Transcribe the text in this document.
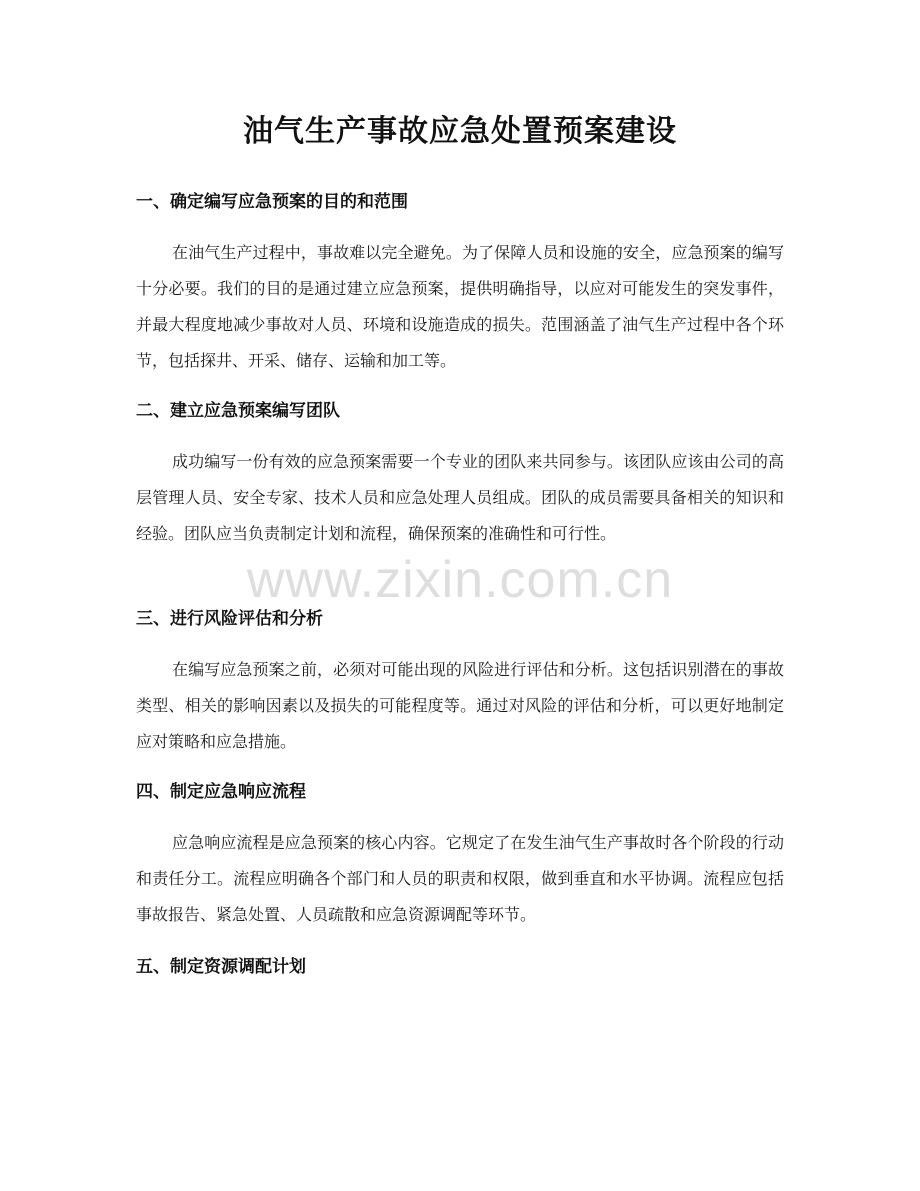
油气生产事故应急处置预案建设
一、确定编写应急预案的目的和范围

在油气生产过程中，事故难以完全避免。为了保障人员和设施的安全，应急预案的编写十分必要。我们的目的是通过建立应急预案，提供明确指导，以应对可能发生的突发事件，并最大程度地减少事故对人员、环境和设施造成的损失。范围涵盖了油气生产过程中各个环节，包括探井、开采、储存、运输和加工等。

二、建立应急预案编写团队

成功编写一份有效的应急预案需要一个专业的团队来共同参与。该团队应该由公司的高层管理人员、安全专家、技术人员和应急处理人员组成。团队的成员需要具备相关的知识和经验。团队应当负责制定计划和流程，确保预案的准确性和可行性。

三、进行风险评估和分析

在编写应急预案之前，必须对可能出现的风险进行评估和分析。这包括识别潜在的事故类型、相关的影响因素以及损失的可能程度等。通过对风险的评估和分析，可以更好地制定应对策略和应急措施。

四、制定应急响应流程

应急响应流程是应急预案的核心内容。它规定了在发生油气生产事故时各个阶段的行动和责任分工。流程应明确各个部门和人员的职责和权限，做到垂直和水平协调。流程应包括事故报告、紧急处置、人员疏散和应急资源调配等环节。

五、制定资源调配计划
www.zixin.com.cn
